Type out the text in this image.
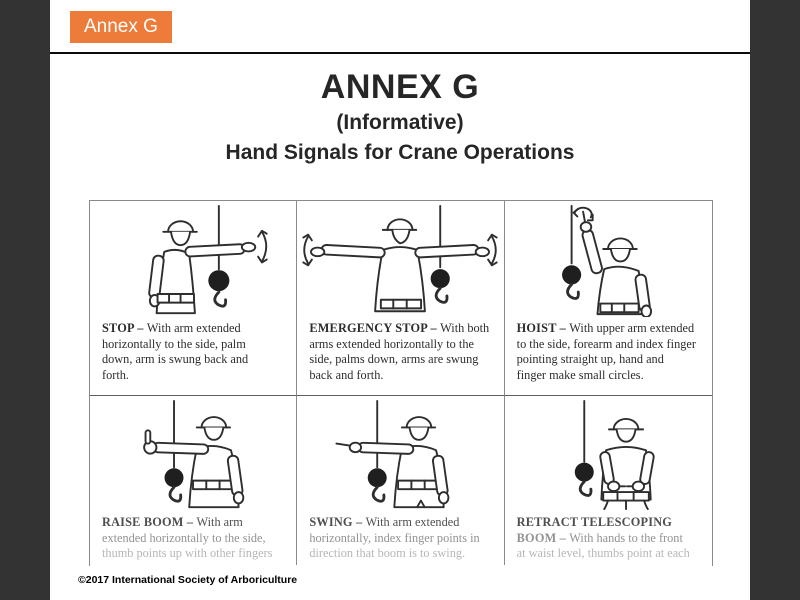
Annex G
ANNEX G
(Informative)
Hand Signals for Crane Operations
STOP – With arm extended
horizontally to the side, palm
down, arm is swung back and
forth.
EMERGENCY STOP – With both
arms extended horizontally to the
side, palms down, arms are swung
back and forth.
HOIST – With upper arm extended
to the side, forearm and index finger
pointing straight up, hand and
finger make small circles.
RAISE BOOM – With arm
extended horizontally to the side,
thumb points up with other fingers
SWING – With arm extended
horizontally, index finger points in
direction that boom is to swing.
RETRACT TELESCOPING
BOOM – With hands to the front
at waist level, thumbs point at each
©2017 International Society of Arboriculture
